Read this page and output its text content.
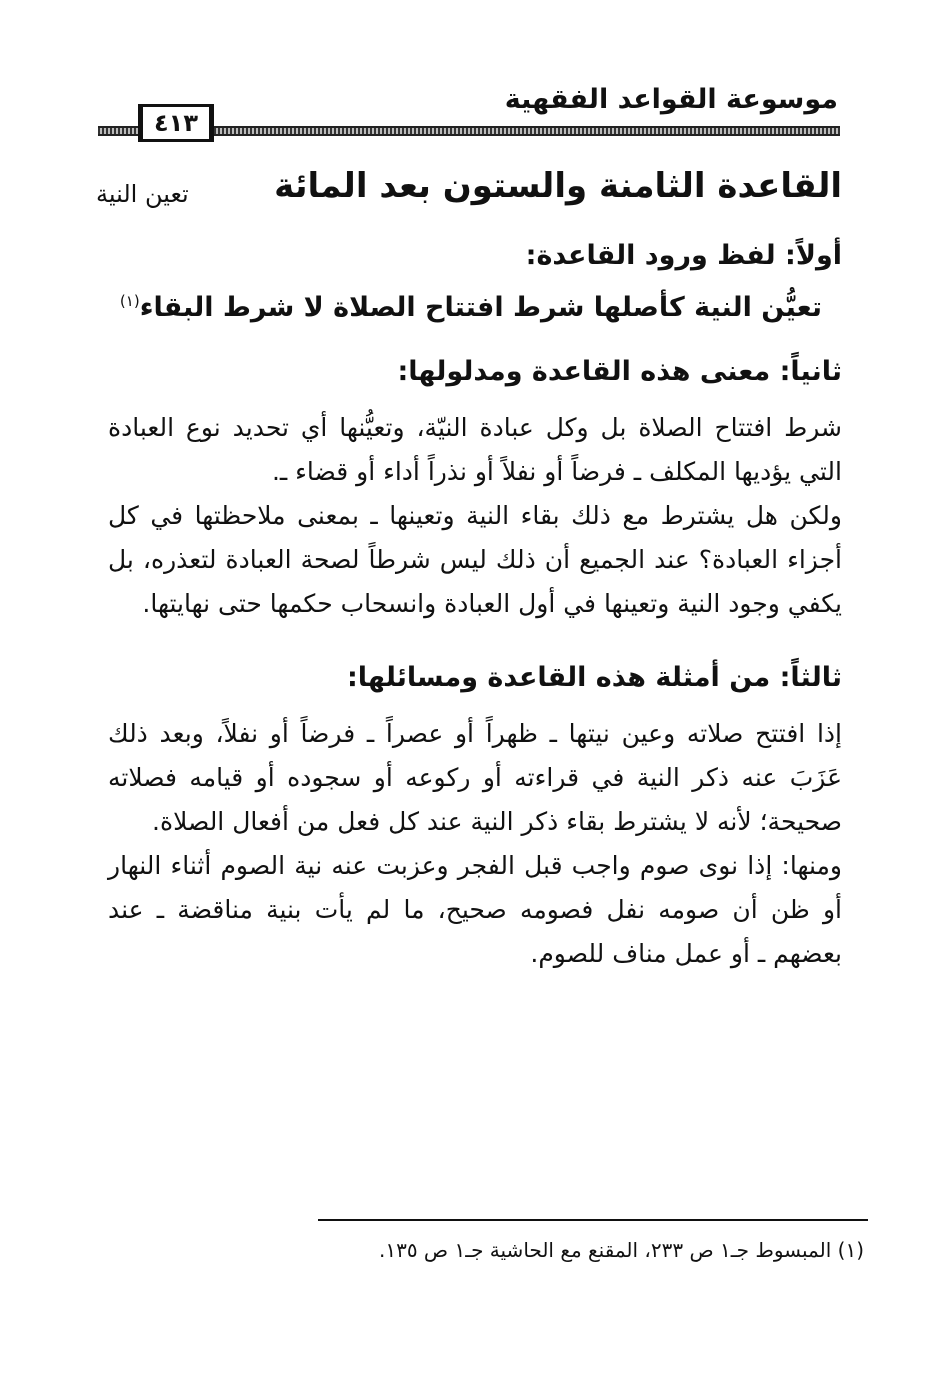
موسوعة القواعد الفقهية
٤١٣
القاعدة الثامنة والستون بعد المائة
تعين النية
أولاً: لفظ ورود القاعدة:
تعيُّن النية كأصلها شرط افتتاح الصلاة لا شرط البقاء$^{(١)}$
ثانياً: معنى هذه القاعدة ومدلولها:

شرط افتتاح الصلاة بل وكل عبادة النيّة، وتعيُّنها أي تحديد نوع العبادة التي يؤديها المكلف ـ فرضاً أو نفلاً أو نذراً أداء أو قضاء ـ.

ولكن هل يشترط مع ذلك بقاء النية وتعينها ـ بمعنى ملاحظتها في كل أجزاء العبادة؟ عند الجميع أن ذلك ليس شرطاً لصحة العبادة لتعذره، بل يكفي وجود النية وتعينها في أول العبادة وانسحاب حكمها حتى نهايتها.

ثالثاً: من أمثلة هذه القاعدة ومسائلها:

إذا افتتح صلاته وعين نيتها ـ ظهراً أو عصراً ـ فرضاً أو نفلاً، وبعد ذلك عَزَبَ عنه ذكر النية في قراءته أو ركوعه أو سجوده أو قيامه فصلاته صحيحة؛ لأنه لا يشترط بقاء ذكر النية عند كل فعل من أفعال الصلاة.

ومنها: إذا نوى صوم واجب قبل الفجر وعزبت عنه نية الصوم أثناء النهار أو ظن أن صومه نفل فصومه صحيح، ما لم يأت بنية مناقضة ـ عند بعضهم ـ أو عمل مناف للصوم.

(١) المبسوط جـ١ ص ٢٣٣، المقنع مع الحاشية جـ١ ص ١٣٥.
